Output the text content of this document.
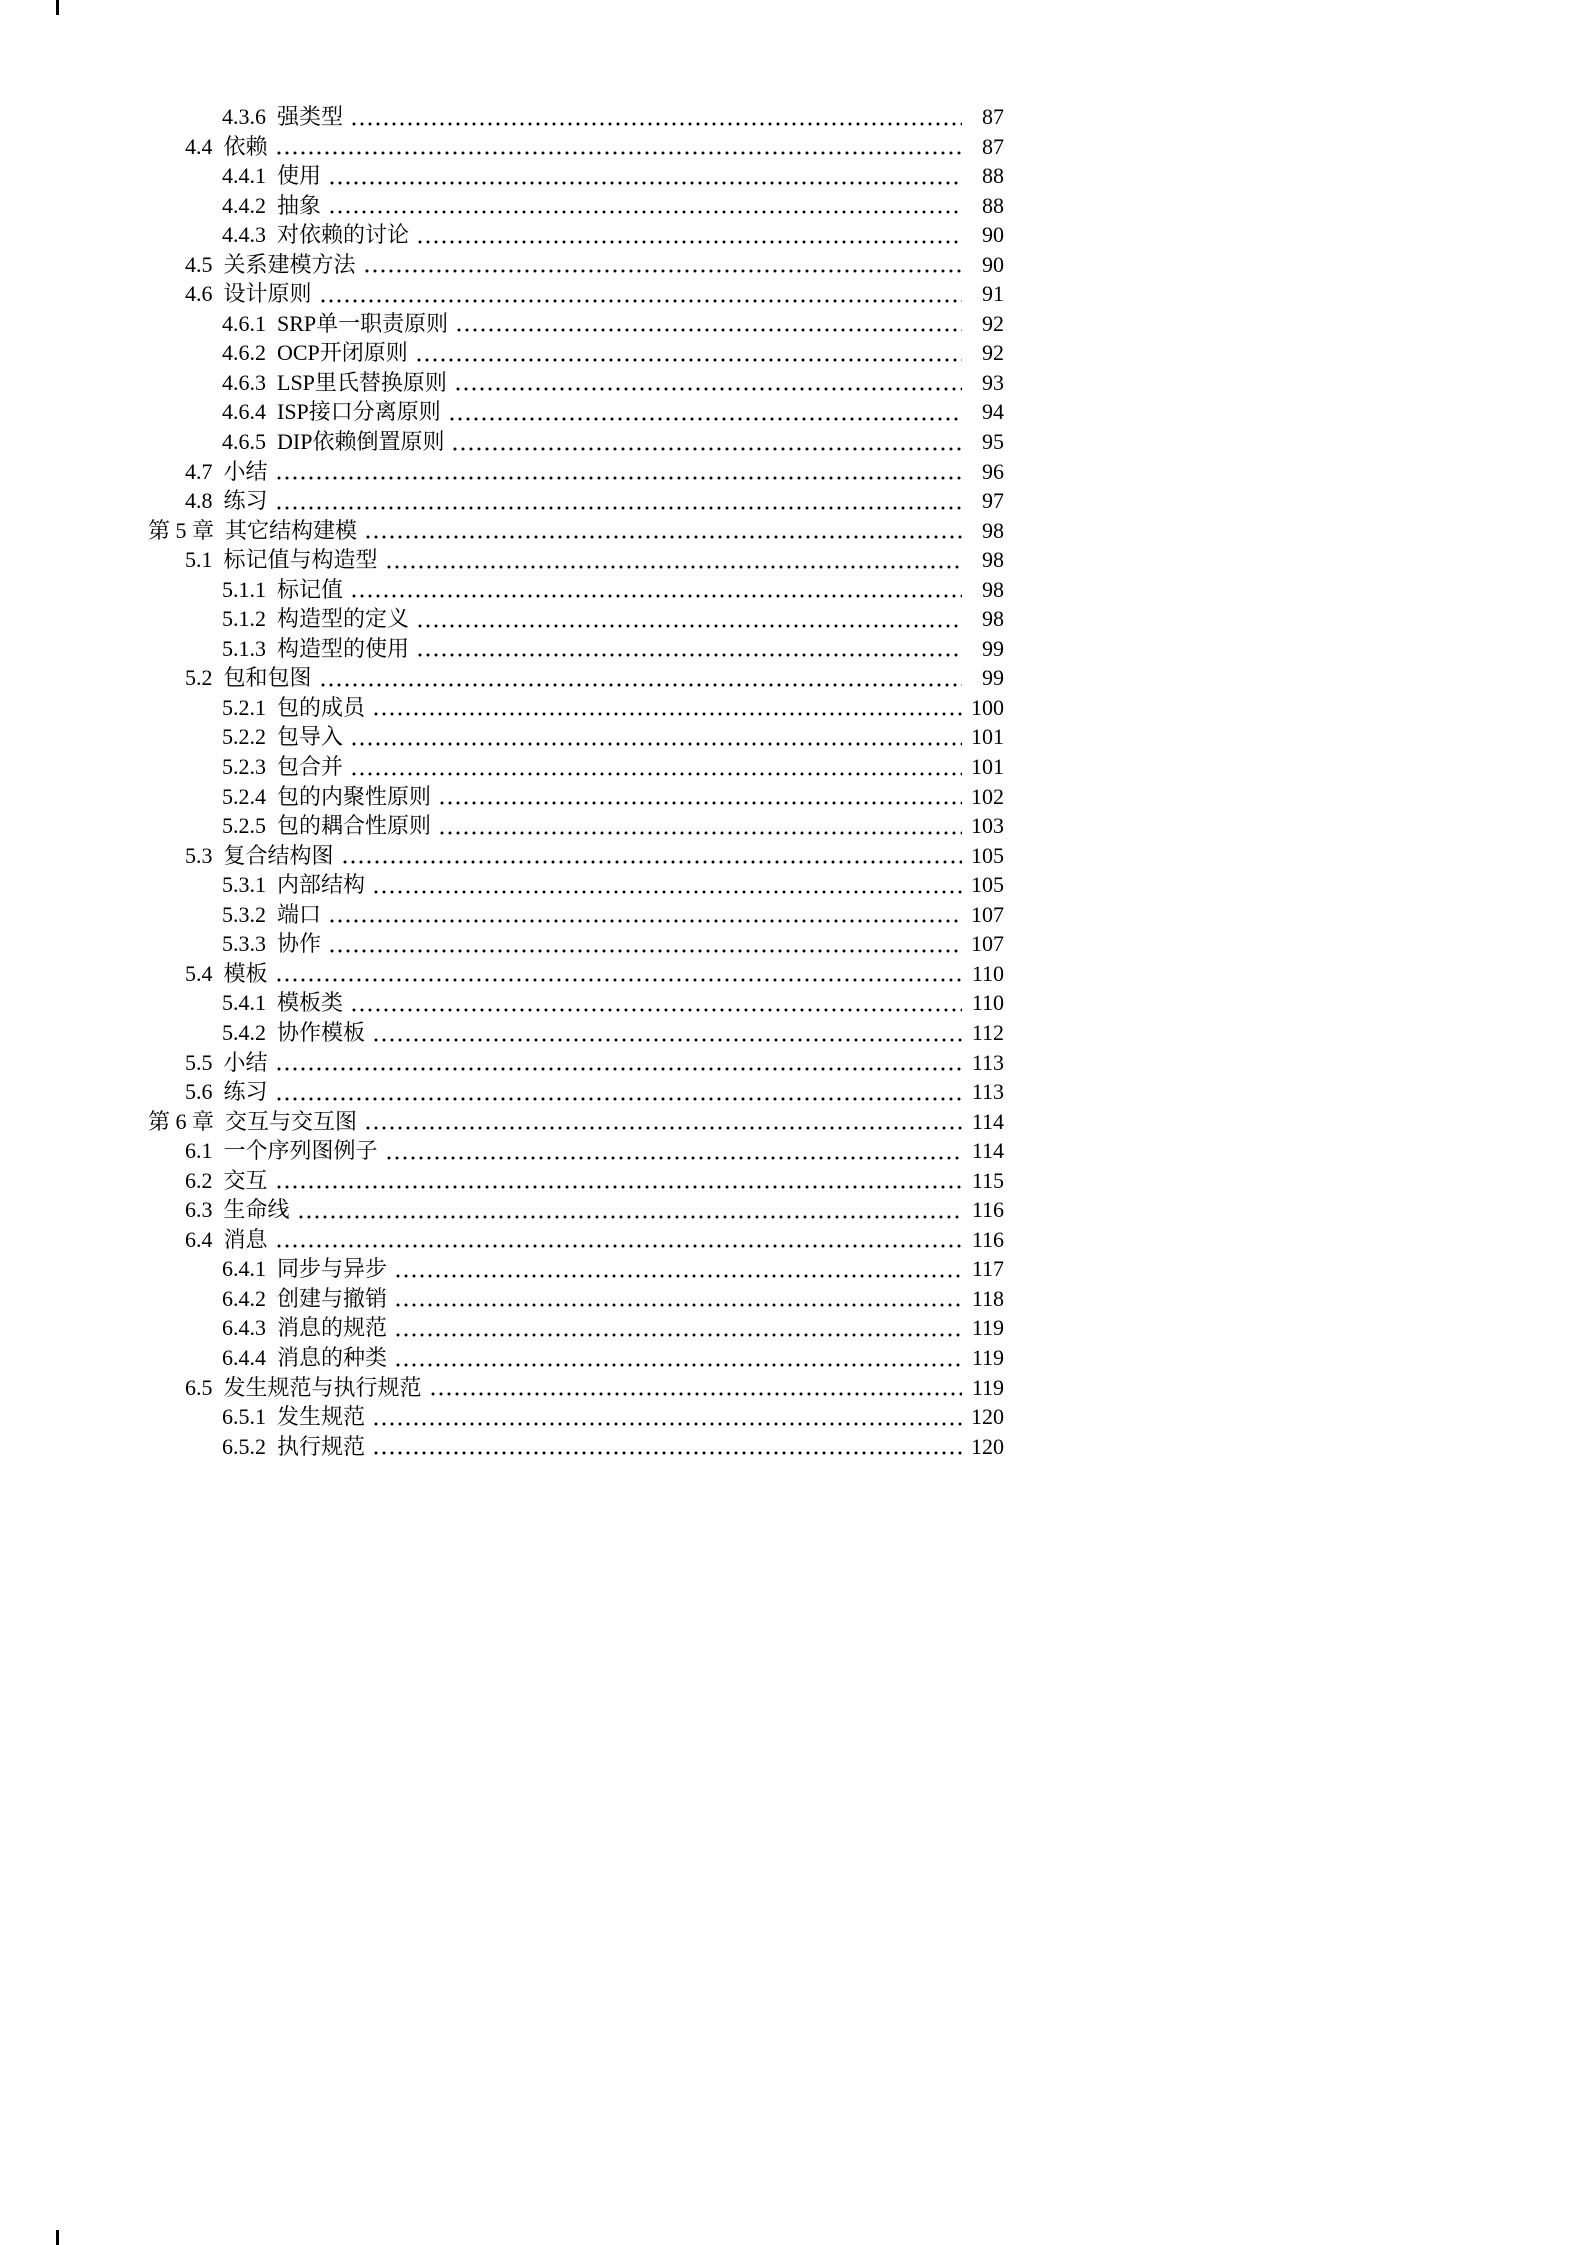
4.3.6 强类型	87
4.4 依赖	87
4.4.1 使用	88
4.4.2 抽象	88
4.4.3 对依赖的讨论	90
4.5 关系建模方法	90
4.6 设计原则	91
4.6.1 SRP单一职责原则	92
4.6.2 OCP开闭原则	92
4.6.3 LSP里氏替换原则	93
4.6.4 ISP接口分离原则	94
4.6.5 DIP依赖倒置原则	95
4.7 小结	96
4.8 练习	97
第 5 章 其它结构建模	98
5.1 标记值与构造型	98
5.1.1 标记值	98
5.1.2 构造型的定义	98
5.1.3 构造型的使用	99
5.2 包和包图	99
5.2.1 包的成员	100
5.2.2 包导入	101
5.2.3 包合并	101
5.2.4 包的内聚性原则	102
5.2.5 包的耦合性原则	103
5.3 复合结构图	105
5.3.1 内部结构	105
5.3.2 端口	107
5.3.3 协作	107
5.4 模板	110
5.4.1 模板类	110
5.4.2 协作模板	112
5.5 小结	113
5.6 练习	113
第 6 章 交互与交互图	114
6.1 一个序列图例子	114
6.2 交互	115
6.3 生命线	116
6.4 消息	116
6.4.1 同步与异步	117
6.4.2 创建与撤销	118
6.4.3 消息的规范	119
6.4.4 消息的种类	119
6.5 发生规范与执行规范	119
6.5.1 发生规范	120
6.5.2 执行规范	120
